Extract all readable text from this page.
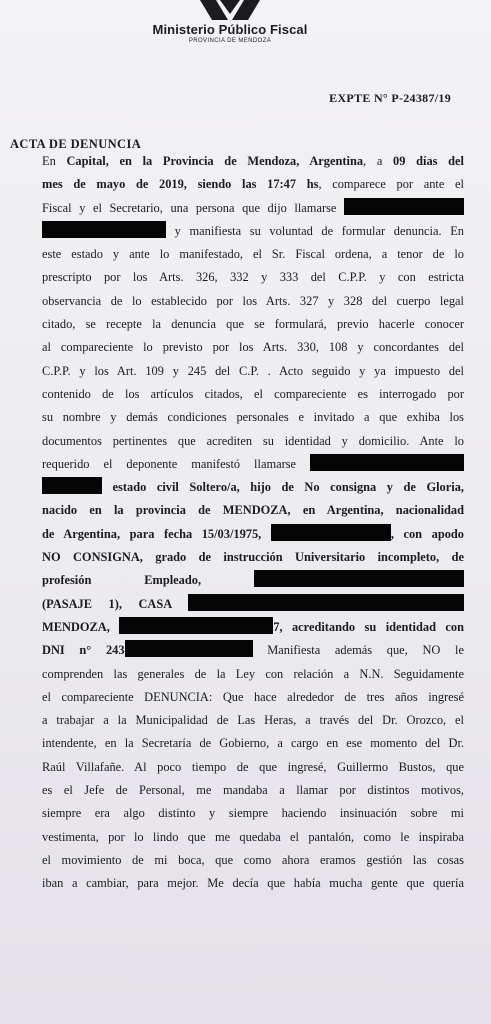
Ministerio Público Fiscal
PROVINCIA DE MENDOZA
EXPTE N° P-24387/19
ACTA DE DENUNCIA
En Capital, en la Provincia de Mendoza, Argentina, a 09 días del
mes de mayo de 2019, siendo las 17:47 hs, comparece por ante el
Fiscal y el Secretario, una persona que dijo llamarse
y manifiesta su voluntad de formular denuncia. En
este estado y ante lo manifestado, el Sr. Fiscal ordena, a tenor de lo
prescripto por los Arts. 326, 332 y 333 del C.P.P. y con estricta
observancia de lo establecido por los Arts. 327 y 328 del cuerpo legal
citado, se recepte la denuncia que se formulará, previo hacerle conocer
al compareciente lo previsto por los Arts. 330, 108 y concordantes del
C.P.P. y los Art. 109 y 245 del C.P. . Acto seguido y ya impuesto del
contenido de los artículos citados, el compareciente es interrogado por
su nombre y demás condiciones personales e invitado a que exhiba los
documentos pertinentes que acrediten su identidad y domicilio. Ante lo
requerido el deponente manifestó llamarse
estado civil Soltero/a, hijo de No consigna y de Gloria,
nacido en la provincia de MENDOZA, en Argentina, nacionalidad
de Argentina, para fecha 15/03/1975,	, con apodo
NO CONSIGNA, grado de instrucción Universitario incompleto, de
profesión Empleado,
(PASAJE 1), CASA
MENDOZA,	7, acreditando su identidad con
DNI n° 243	Manifiesta además que, NO le
comprenden las generales de la Ley con relación a N.N. Seguidamente
el compareciente DENUNCIA: Que hace alrededor de tres años ingresé
a trabajar a la Municipalidad de Las Heras, a través del Dr. Orozco, el
intendente, en la Secretaría de Gobierno, a cargo en ese momento del Dr.
Raúl Villafañe. Al poco tiempo de que ingresé, Guillermo Bustos, que
es el Jefe de Personal, me mandaba a llamar por distintos motivos,
siempre era algo distinto y siempre haciendo insinuación sobre mi
vestimenta, por lo lindo que me quedaba el pantalón, como le inspiraba
el movimiento de mi boca, que como ahora eramos gestión las cosas
iban a cambiar, para mejor. Me decía que había mucha gente que quería
